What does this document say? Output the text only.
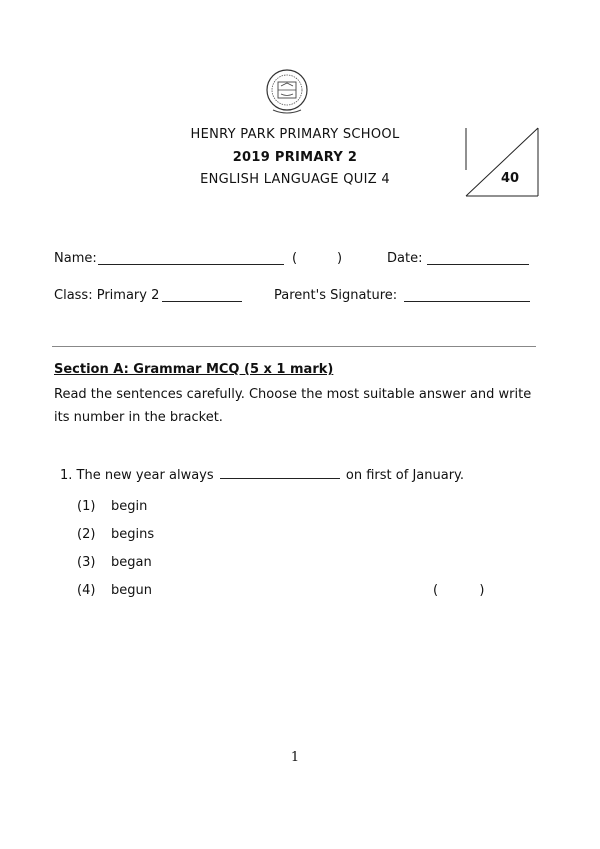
HENRY PARK PRIMARY SCHOOL
2019 PRIMARY 2
ENGLISH LANGUAGE QUIZ 4	40
Name:	(	)	Date:
Class: Primary 2	Parent's Signature:
Section A: Grammar MCQ (5 x 1 mark)
Read the sentences carefully. Choose the most suitable answer and write its number in the bracket.
1. The new year always	on first of January.
(1) begin
(2) begins
(3) began
(4) begun	(          )
1
